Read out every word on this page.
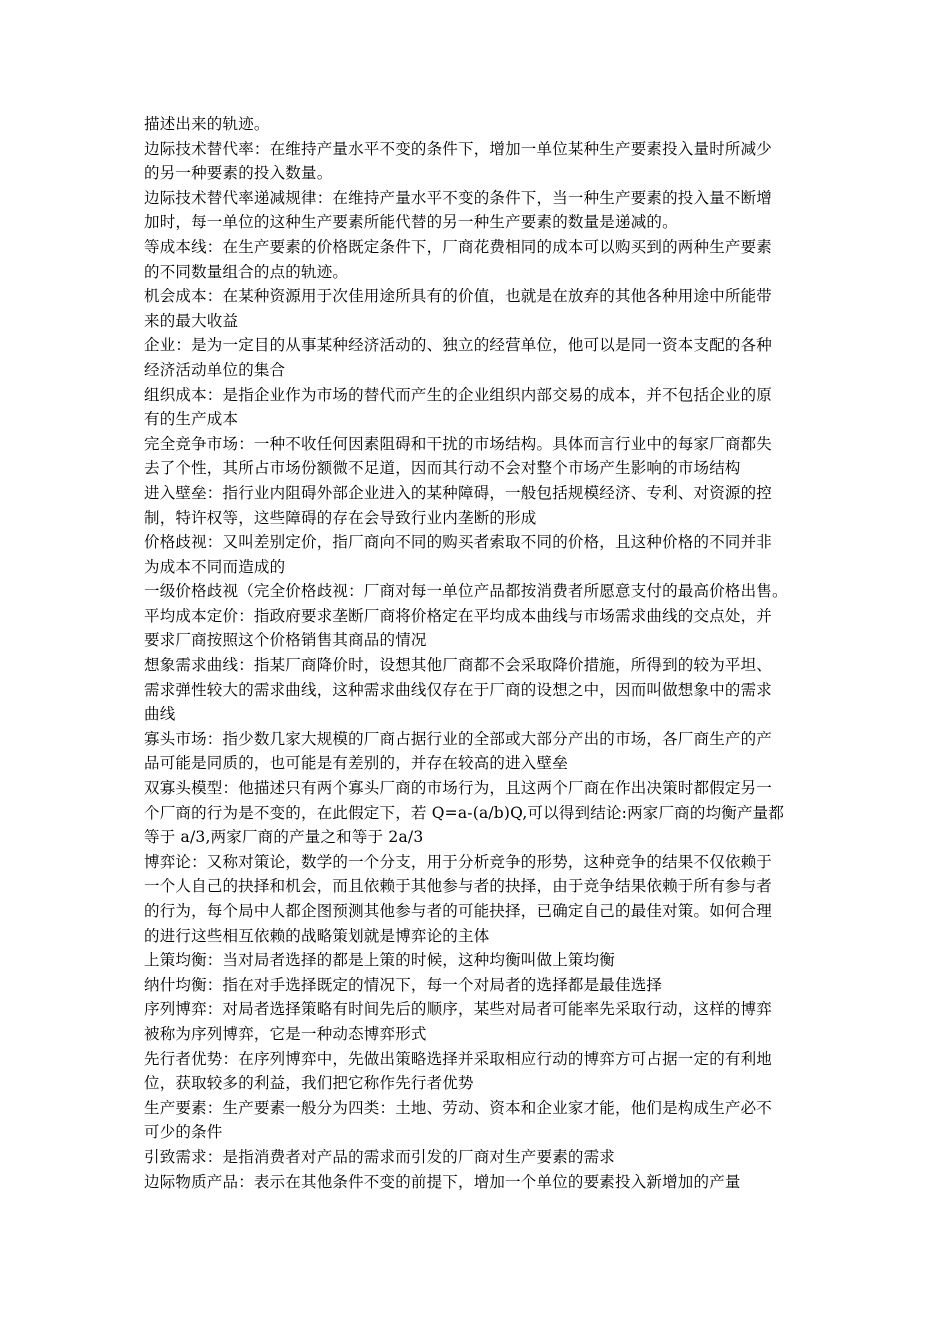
描述出来的轨迹。
边际技术替代率：在维持产量水平不变的条件下，增加一单位某种生产要素投入量时所减少
的另一种要素的投入数量。
边际技术替代率递减规律：在维持产量水平不变的条件下，当一种生产要素的投入量不断增
加时，每一单位的这种生产要素所能代替的另一种生产要素的数量是递减的。
等成本线：在生产要素的价格既定条件下，厂商花费相同的成本可以购买到的两种生产要素
的不同数量组合的点的轨迹。
机会成本：在某种资源用于次佳用途所具有的价值，也就是在放弃的其他各种用途中所能带
来的最大收益
企业：是为一定目的从事某种经济活动的、独立的经营单位，他可以是同一资本支配的各种
经济活动单位的集合
组织成本：是指企业作为市场的替代而产生的企业组织内部交易的成本，并不包括企业的原
有的生产成本
完全竞争市场：一种不收任何因素阻碍和干扰的市场结构。具体而言行业中的每家厂商都失
去了个性，其所占市场份额微不足道，因而其行动不会对整个市场产生影响的市场结构
进入壁垒：指行业内阻碍外部企业进入的某种障碍，一般包括规模经济、专利、对资源的控
制，特许权等，这些障碍的存在会导致行业内垄断的形成
价格歧视：又叫差别定价，指厂商向不同的购买者索取不同的价格，且这种价格的不同并非
为成本不同而造成的
一级价格歧视（完全价格歧视：厂商对每一单位产品都按消费者所愿意支付的最高价格出售。
平均成本定价：指政府要求垄断厂商将价格定在平均成本曲线与市场需求曲线的交点处，并
要求厂商按照这个价格销售其商品的情况
想象需求曲线：指某厂商降价时，设想其他厂商都不会采取降价措施，所得到的较为平坦、
需求弹性较大的需求曲线，这种需求曲线仅存在于厂商的设想之中，因而叫做想象中的需求
曲线
寡头市场：指少数几家大规模的厂商占据行业的全部或大部分产出的市场，各厂商生产的产
品可能是同质的，也可能是有差别的，并存在较高的进入壁垒
双寡头模型：他描述只有两个寡头厂商的市场行为，且这两个厂商在作出决策时都假定另一
个厂商的行为是不变的，在此假定下，若 Q=a-(a/b)Q,可以得到结论:两家厂商的均衡产量都
等于 a/3,两家厂商的产量之和等于 2a/3
博弈论：又称对策论，数学的一个分支，用于分析竞争的形势，这种竞争的结果不仅依赖于
一个人自己的抉择和机会，而且依赖于其他参与者的抉择，由于竞争结果依赖于所有参与者
的行为，每个局中人都企图预测其他参与者的可能抉择，已确定自己的最佳对策。如何合理
的进行这些相互依赖的战略策划就是博弈论的主体
上策均衡：当对局者选择的都是上策的时候，这种均衡叫做上策均衡
纳什均衡：指在对手选择既定的情况下，每一个对局者的选择都是最佳选择
序列博弈：对局者选择策略有时间先后的顺序，某些对局者可能率先采取行动，这样的博弈
被称为序列博弈，它是一种动态博弈形式
先行者优势：在序列博弈中，先做出策略选择并采取相应行动的博弈方可占据一定的有利地
位，获取较多的利益，我们把它称作先行者优势
生产要素：生产要素一般分为四类：土地、劳动、资本和企业家才能，他们是构成生产必不
可少的条件
引致需求：是指消费者对产品的需求而引发的厂商对生产要素的需求
边际物质产品：表示在其他条件不变的前提下，增加一个单位的要素投入新增加的产量
